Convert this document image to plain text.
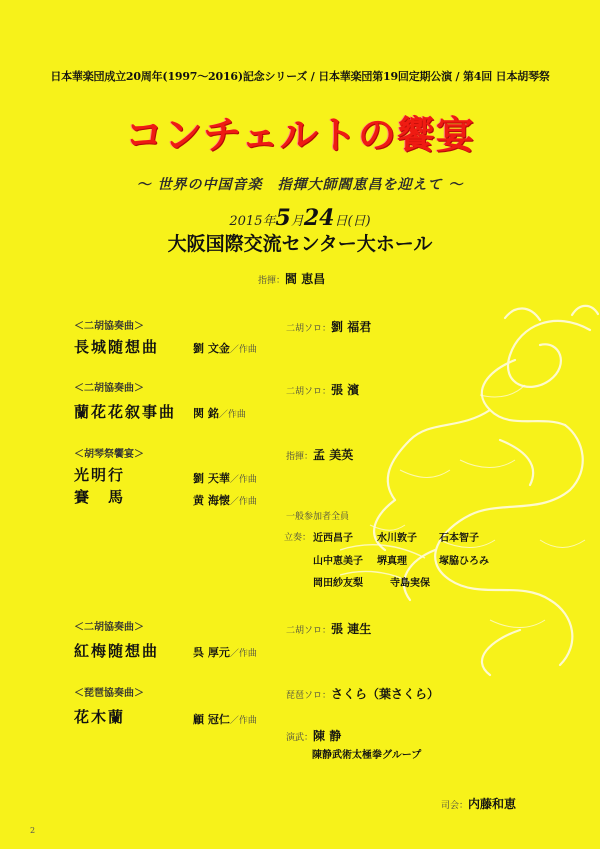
日本華楽団成立20周年(1997～2016)記念シリーズ / 日本華楽団第19回定期公演 / 第4回 日本胡琴祭
コンチェルトの饗宴
～ 世界の中国音楽　指揮大師閻恵昌を迎えて ～
2015年5月24日(日)
大阪国際交流センター大ホール
指揮：閻 恵昌
＜二胡協奏曲＞	二胡ソロ：劉 福君
長城随想曲	劉 文金／作曲
＜二胡協奏曲＞	二胡ソロ：張 濱
蘭花花叙事曲 関 銘／作曲
＜胡琴祭饗宴＞	指揮：孟 美英
光明行	劉 天華／作曲
賽　馬	黄 海懐／作曲
一般参加者全員
立奏： 近西昌子 水川敦子 石本智子
山中恵美子 堺真理	塚脇ひろみ
岡田紗友梨	寺島実保
＜二胡協奏曲＞	二胡ソロ：張 連生
紅梅随想曲	呉 厚元／作曲
＜琵琶協奏曲＞	琵琶ソロ：さくら（葉さくら）
花木蘭	顧 冠仁／作曲
演武：陳 静
陳静武術太極拳グループ
司会：内藤和恵
2
